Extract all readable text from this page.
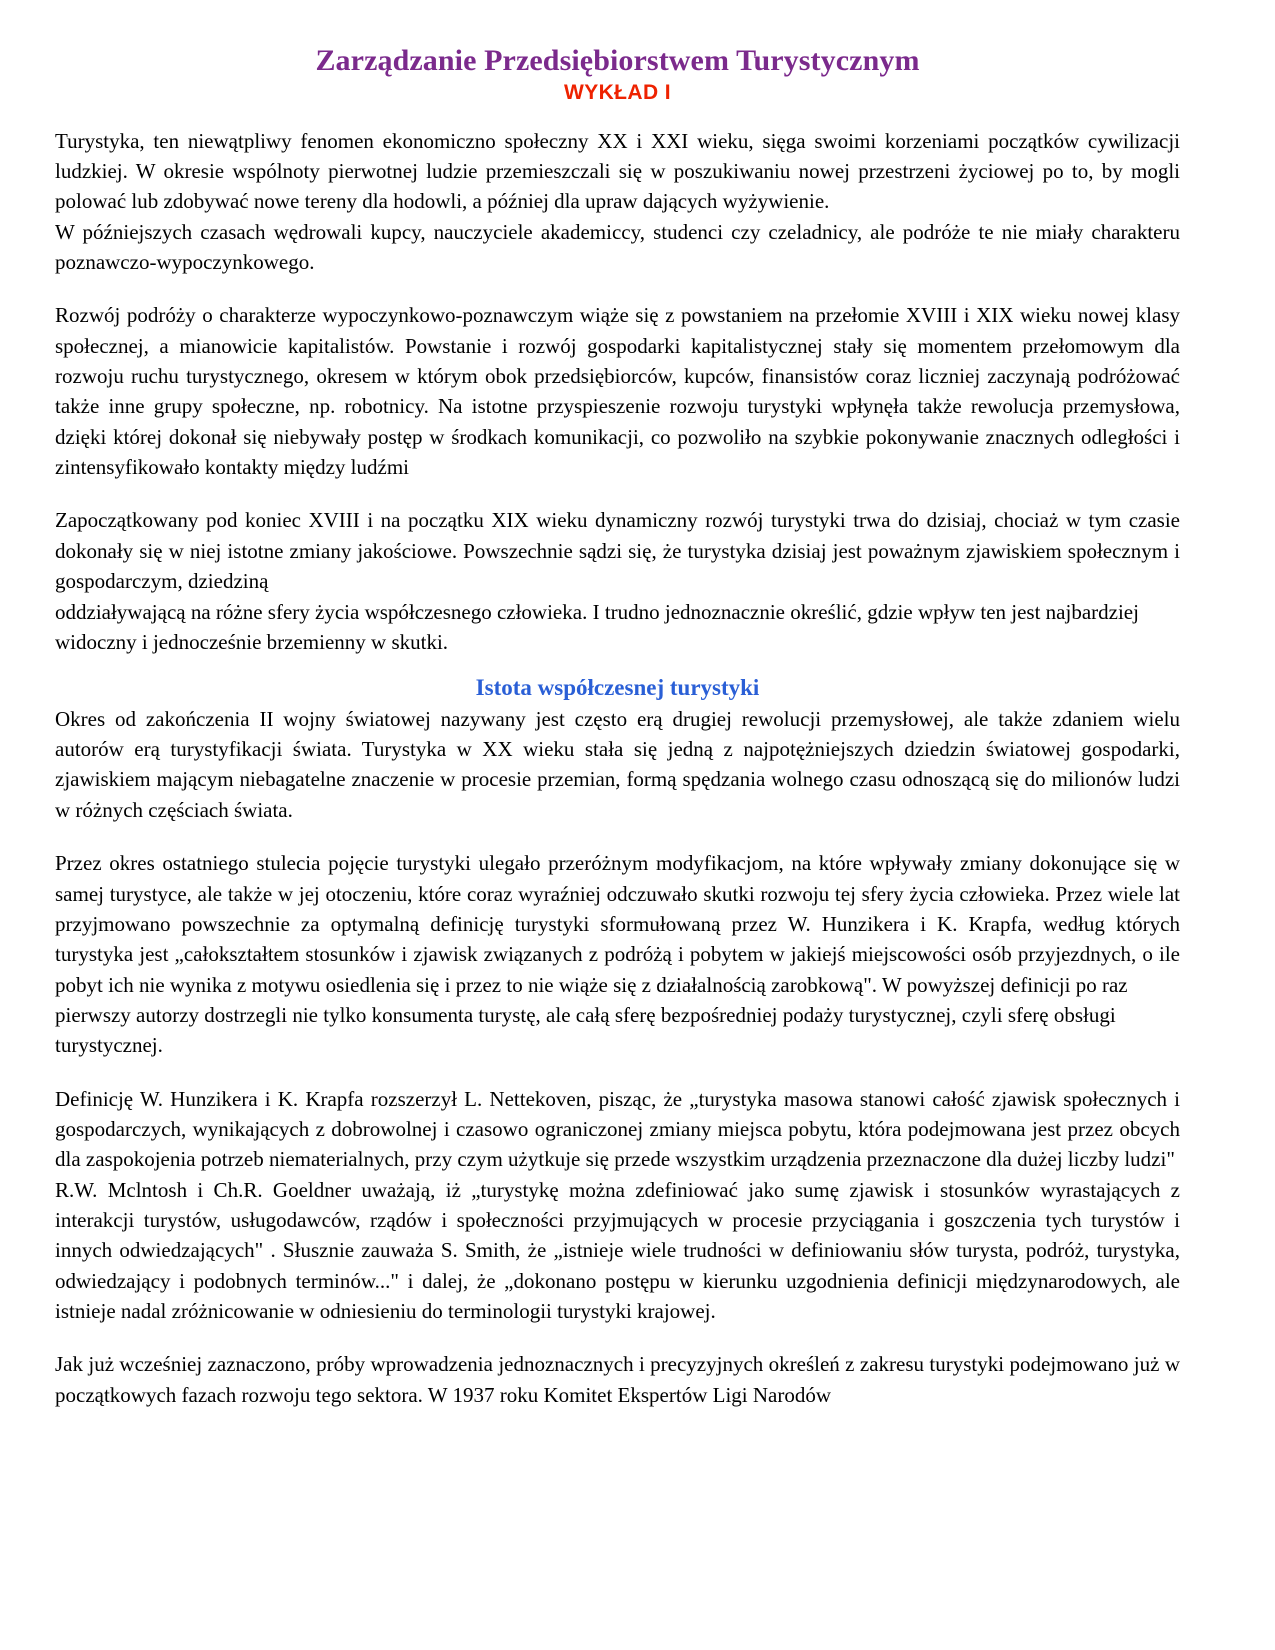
Zarządzanie Przedsiębiorstwem Turystycznym
WYKŁAD I

Turystyka, ten niewątpliwy fenomen ekonomiczno społeczny XX i XXI wieku, sięga swoimi korzeniami początków cywilizacji ludzkiej. W okresie wspólnoty pierwotnej ludzie przemieszczali się w poszukiwaniu nowej przestrzeni życiowej po to, by mogli polować lub zdobywać nowe tereny dla hodowli, a później dla upraw dających wyżywienie.

W późniejszych czasach wędrowali kupcy, nauczyciele akademiccy, studenci czy czeladnicy, ale podróże te nie miały charakteru poznawczo-wypoczynkowego.

Rozwój podróży o charakterze wypoczynkowo-poznawczym wiąże się z powstaniem na przełomie XVIII i XIX wieku nowej klasy społecznej, a mianowicie kapitalistów. Powstanie i rozwój gospodarki kapitalistycznej stały się momentem przełomowym dla rozwoju ruchu turystycznego, okresem w którym obok przedsiębiorców, kupców, finansistów coraz liczniej zaczynają podróżować także inne grupy społeczne, np. robotnicy. Na istotne przyspieszenie rozwoju turystyki wpłynęła także rewolucja przemysłowa, dzięki której dokonał się niebywały postęp w środkach komunikacji, co pozwoliło na szybkie pokonywanie znacznych odległości i zintensyfikowało kontakty między ludźmi

Zapoczątkowany pod koniec XVIII i na początku XIX wieku dynamiczny rozwój turystyki trwa do dzisiaj, chociaż w tym czasie dokonały się w niej istotne zmiany jakościowe. Powszechnie sądzi się, że turystyka dzisiaj jest poważnym zjawiskiem społecznym i gospodarczym, dziedziną

oddziaływającą na różne sfery życia współczesnego człowieka. I trudno jednoznacznie określić, gdzie wpływ ten jest najbardziej widoczny i jednocześnie brzemienny w skutki.

Istota współczesnej turystyki

Okres od zakończenia II wojny światowej nazywany jest często erą drugiej rewolucji przemysłowej, ale także zdaniem wielu autorów erą turystyfikacji świata. Turystyka w XX wieku stała się jedną z najpotężniejszych dziedzin światowej gospodarki, zjawiskiem mającym niebagatelne znaczenie w procesie przemian, formą spędzania wolnego czasu odnoszącą się do milionów ludzi w różnych częściach świata.

Przez okres ostatniego stulecia pojęcie turystyki ulegało przeróżnym modyfikacjom, na które wpływały zmiany dokonujące się w samej turystyce, ale także w jej otoczeniu, które coraz wyraźniej odczuwało skutki rozwoju tej sfery życia człowieka. Przez wiele lat przyjmowano powszechnie za optymalną definicję turystyki sformułowaną przez W. Hunzikera i K. Krapfa, według których turystyka jest „całokształtem stosunków i zjawisk związanych z podróżą i pobytem w jakiejś miejscowości osób przyjezdnych, o ile pobyt ich nie wynika z motywu osiedlenia się i przez to nie wiąże się z działalnością zarobkową". W powyższej definicji po raz

pierwszy autorzy dostrzegli nie tylko konsumenta turystę, ale całą sferę bezpośredniej podaży turystycznej, czyli sferę obsługi turystycznej.

Definicję W. Hunzikera i K. Krapfa rozszerzył L. Nettekoven, pisząc, że „turystyka masowa stanowi całość zjawisk społecznych i gospodarczych, wynikających z dobrowolnej i czasowo ograniczonej zmiany miejsca pobytu, która podejmowana jest przez obcych dla zaspokojenia potrzeb niematerialnych, przy czym użytkuje się przede wszystkim urządzenia przeznaczone dla dużej liczby ludzi"

R.W. Mclntosh i Ch.R. Goeldner uważają, iż „turystykę można zdefiniować jako sumę zjawisk i stosunków wyrastających z interakcji turystów, usługodawców, rządów i społeczności przyjmujących w procesie przyciągania i goszczenia tych turystów i innych odwiedzających" . Słusznie zauważa S. Smith, że „istnieje wiele trudności w definiowaniu słów turysta, podróż, turystyka, odwiedzający i podobnych terminów..." i dalej, że „dokonano postępu w kierunku uzgodnienia definicji międzynarodowych, ale istnieje nadal zróżnicowanie w odniesieniu do terminologii turystyki krajowej.

Jak już wcześniej zaznaczono, próby wprowadzenia jednoznacznych i precyzyjnych określeń z zakresu turystyki podejmowano już w początkowych fazach rozwoju tego sektora. W 1937 roku Komitet Ekspertów Ligi Narodów
